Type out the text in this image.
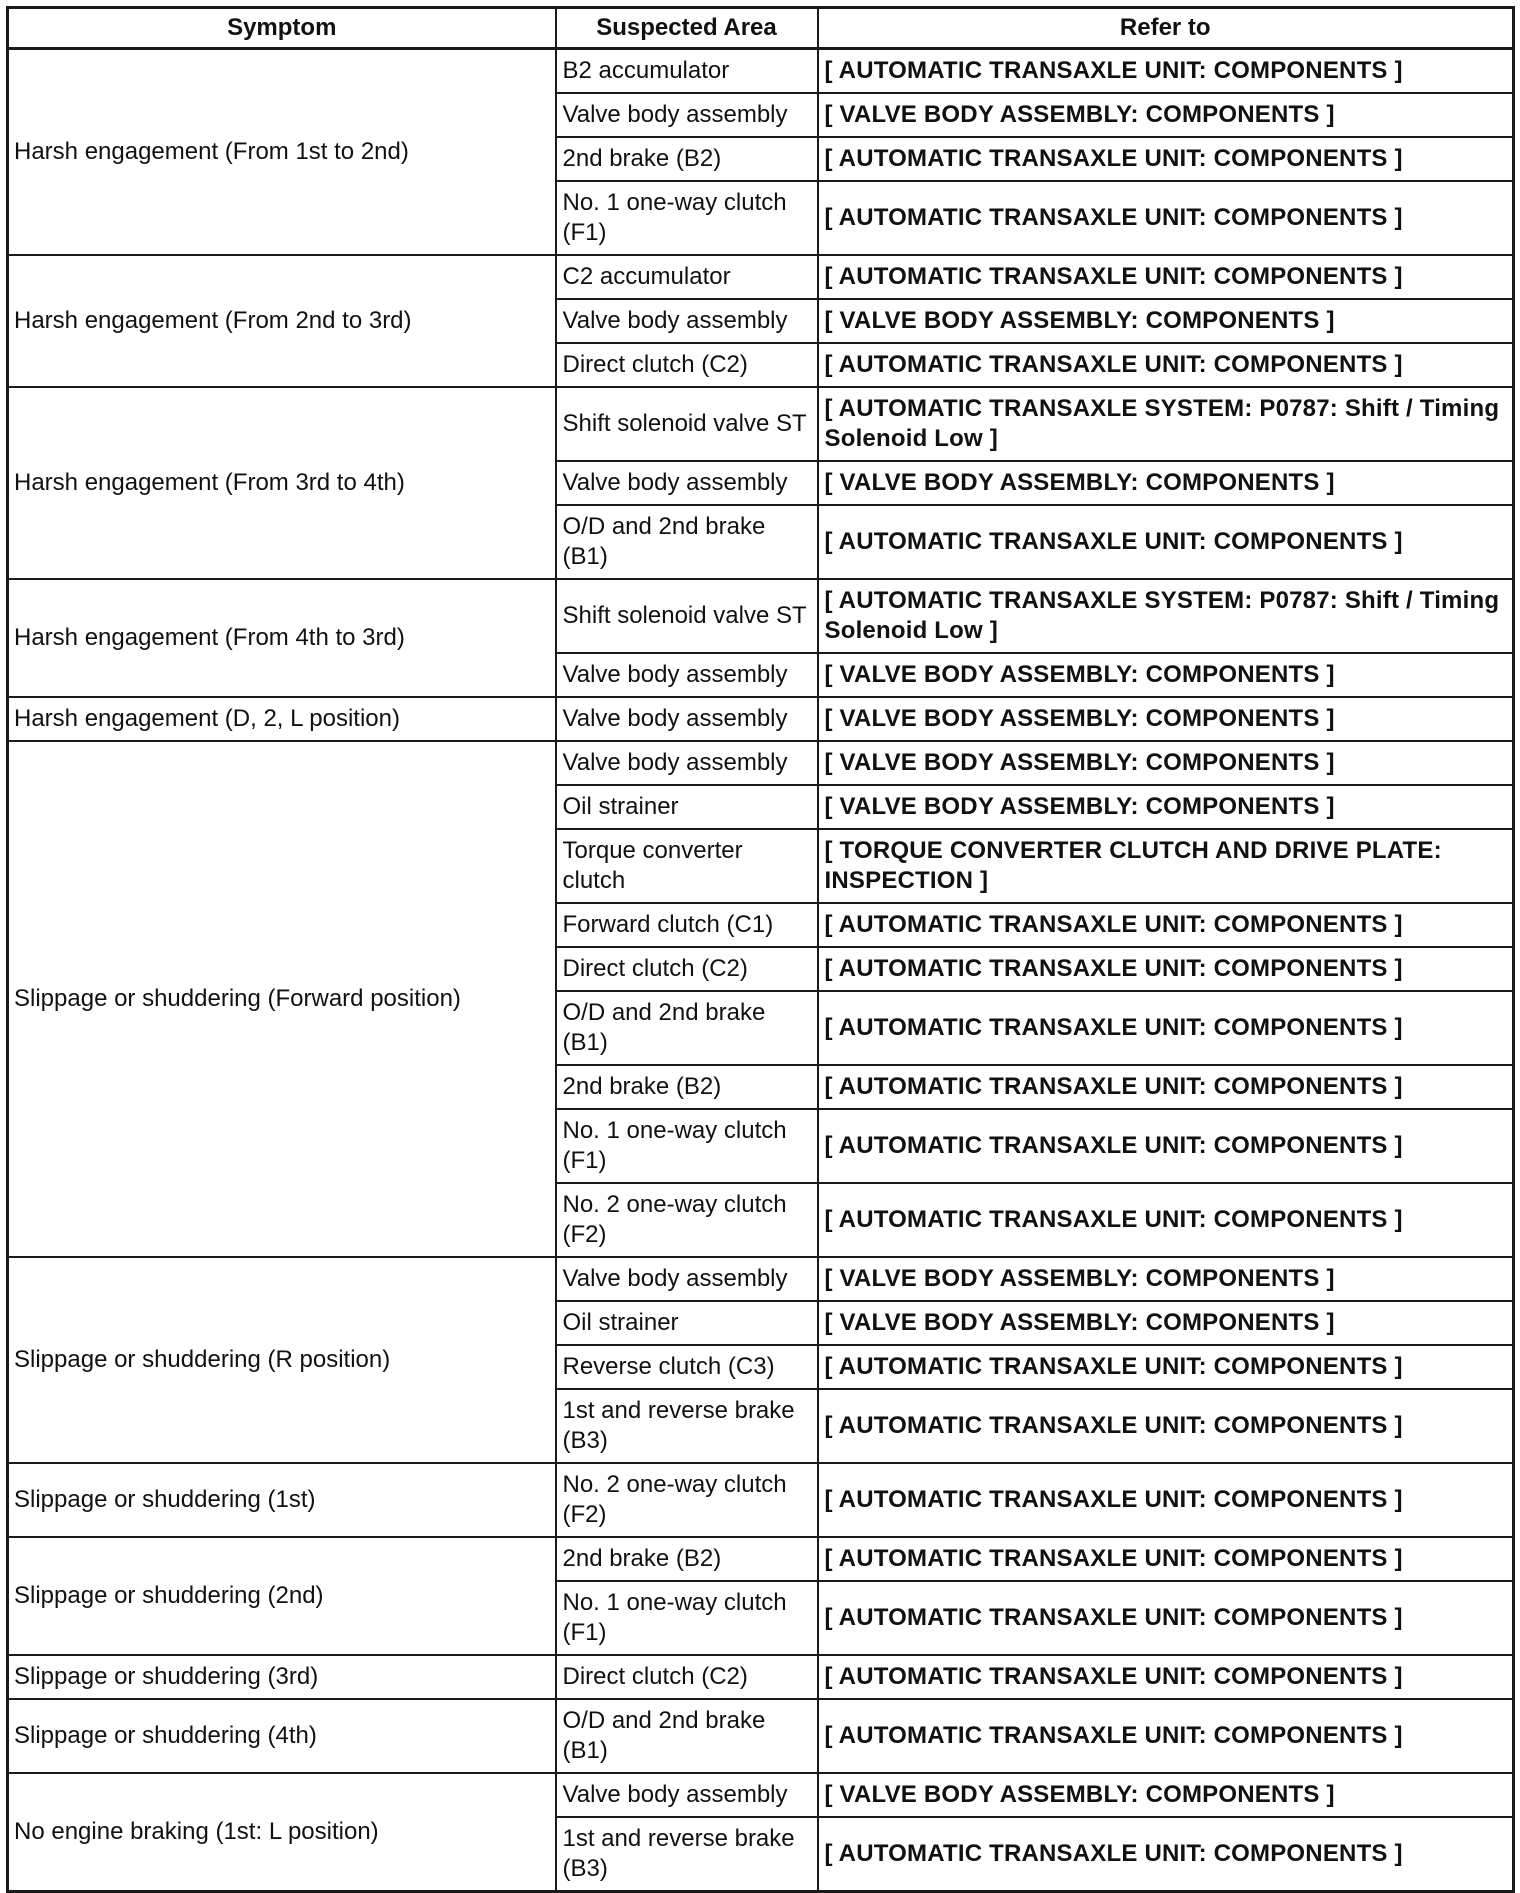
Symptom	Suspected Area	Refer to
Harsh engagement (From 1st to 2nd)	B2 accumulator	[ AUTOMATIC TRANSAXLE UNIT: COMPONENTS ]
	Valve body assembly	[ VALVE BODY ASSEMBLY: COMPONENTS ]
	2nd brake (B2)	[ AUTOMATIC TRANSAXLE UNIT: COMPONENTS ]
	No. 1 one-way clutch (F1)	[ AUTOMATIC TRANSAXLE UNIT: COMPONENTS ]
Harsh engagement (From 2nd to 3rd)	C2 accumulator	[ AUTOMATIC TRANSAXLE UNIT: COMPONENTS ]
	Valve body assembly	[ VALVE BODY ASSEMBLY: COMPONENTS ]
	Direct clutch (C2)	[ AUTOMATIC TRANSAXLE UNIT: COMPONENTS ]
Harsh engagement (From 3rd to 4th)	Shift solenoid valve ST	[ AUTOMATIC TRANSAXLE SYSTEM: P0787: Shift / Timing Solenoid Low ]
	Valve body assembly	[ VALVE BODY ASSEMBLY: COMPONENTS ]
	O/D and 2nd brake (B1)	[ AUTOMATIC TRANSAXLE UNIT: COMPONENTS ]
Harsh engagement (From 4th to 3rd)	Shift solenoid valve ST	[ AUTOMATIC TRANSAXLE SYSTEM: P0787: Shift / Timing Solenoid Low ]
	Valve body assembly	[ VALVE BODY ASSEMBLY: COMPONENTS ]
Harsh engagement (D, 2, L position)	Valve body assembly	[ VALVE BODY ASSEMBLY: COMPONENTS ]
Slippage or shuddering (Forward position)	Valve body assembly	[ VALVE BODY ASSEMBLY: COMPONENTS ]
	Oil strainer	[ VALVE BODY ASSEMBLY: COMPONENTS ]
	Torque converter clutch	[ TORQUE CONVERTER CLUTCH AND DRIVE PLATE: INSPECTION ]
	Forward clutch (C1)	[ AUTOMATIC TRANSAXLE UNIT: COMPONENTS ]
	Direct clutch (C2)	[ AUTOMATIC TRANSAXLE UNIT: COMPONENTS ]
	O/D and 2nd brake (B1)	[ AUTOMATIC TRANSAXLE UNIT: COMPONENTS ]
	2nd brake (B2)	[ AUTOMATIC TRANSAXLE UNIT: COMPONENTS ]
	No. 1 one-way clutch (F1)	[ AUTOMATIC TRANSAXLE UNIT: COMPONENTS ]
	No. 2 one-way clutch (F2)	[ AUTOMATIC TRANSAXLE UNIT: COMPONENTS ]
Slippage or shuddering (R position)	Valve body assembly	[ VALVE BODY ASSEMBLY: COMPONENTS ]
	Oil strainer	[ VALVE BODY ASSEMBLY: COMPONENTS ]
	Reverse clutch (C3)	[ AUTOMATIC TRANSAXLE UNIT: COMPONENTS ]
	1st and reverse brake (B3)	[ AUTOMATIC TRANSAXLE UNIT: COMPONENTS ]
Slippage or shuddering (1st)	No. 2 one-way clutch (F2)	[ AUTOMATIC TRANSAXLE UNIT: COMPONENTS ]
Slippage or shuddering (2nd)	2nd brake (B2)	[ AUTOMATIC TRANSAXLE UNIT: COMPONENTS ]
	No. 1 one-way clutch (F1)	[ AUTOMATIC TRANSAXLE UNIT: COMPONENTS ]
Slippage or shuddering (3rd)	Direct clutch (C2)	[ AUTOMATIC TRANSAXLE UNIT: COMPONENTS ]
Slippage or shuddering (4th)	O/D and 2nd brake (B1)	[ AUTOMATIC TRANSAXLE UNIT: COMPONENTS ]
No engine braking (1st: L position)	Valve body assembly	[ VALVE BODY ASSEMBLY: COMPONENTS ]
	1st and reverse brake (B3)	[ AUTOMATIC TRANSAXLE UNIT: COMPONENTS ]
